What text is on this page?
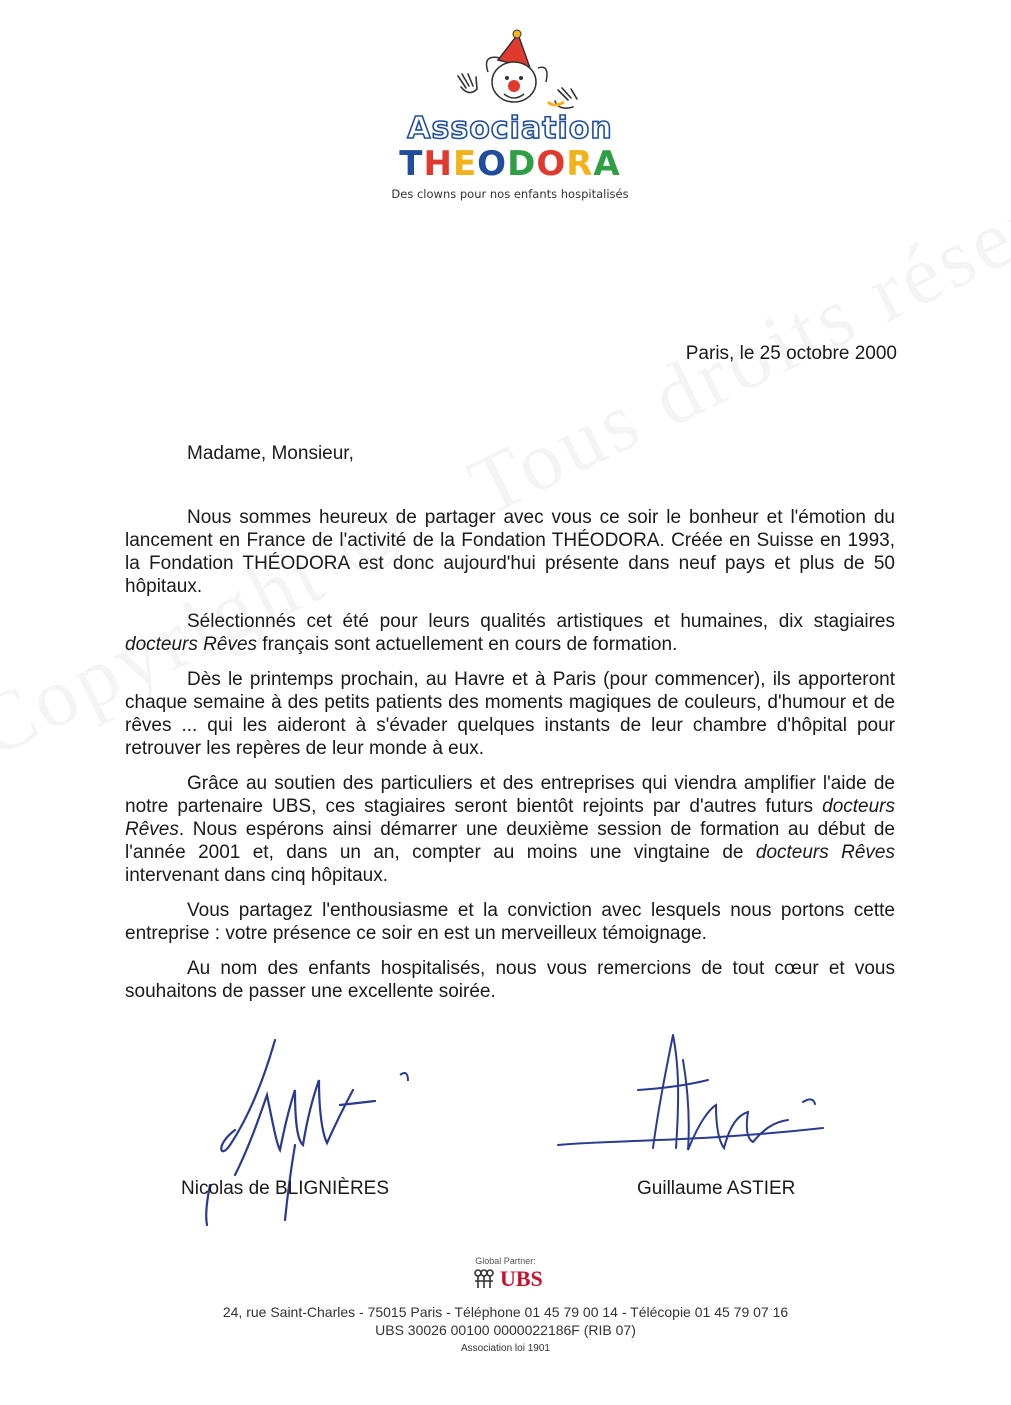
Association
THEODORA
Des clowns pour nos enfants hospitalisés
Paris, le 25 octobre 2000
Madame, Monsieur,

Nous sommes heureux de partager avec vous ce soir le bonheur et l'émotion du lancement en France de l'activité de la Fondation THÉODORA. Créée en Suisse en 1993, la Fondation THÉODORA est donc aujourd'hui présente dans neuf pays et plus de 50 hôpitaux.

Sélectionnés cet été pour leurs qualités artistiques et humaines, dix stagiaires docteurs Rêves français sont actuellement en cours de formation.

Dès le printemps prochain, au Havre et à Paris (pour commencer), ils apporteront chaque semaine à des petits patients des moments magiques de couleurs, d'humour et de rêves ... qui les aideront à s'évader quelques instants de leur chambre d'hôpital pour retrouver les repères de leur monde à eux.

Grâce au soutien des particuliers et des entreprises qui viendra amplifier l'aide de notre partenaire UBS, ces stagiaires seront bientôt rejoints par d'autres futurs docteurs Rêves. Nous espérons ainsi démarrer une deuxième session de formation au début de l'année 2001 et, dans un an, compter au moins une vingtaine de docteurs Rêves intervenant dans cinq hôpitaux.

Vous partagez l'enthousiasme et la conviction avec lesquels nous portons cette entreprise : votre présence ce soir en est un merveilleux témoignage.

Au nom des enfants hospitalisés, nous vous remercions de tout cœur et vous souhaitons de passer une excellente soirée.

Nicolas de BLIGNIÈRES	Guillaume ASTIER
Global Partner:
UBS
24, rue Saint-Charles - 75015 Paris - Téléphone 01 45 79 00 14 - Télécopie 01 45 79 07 16
UBS 30026 00100 0000022186F (RIB 07)
Association loi 1901
